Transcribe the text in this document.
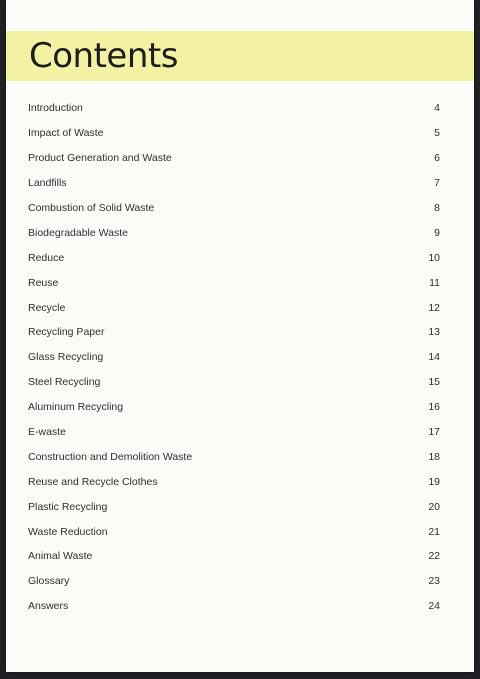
Contents
Introduction	4
Impact of Waste	5
Product Generation and Waste	6
Landfills	7
Combustion of Solid Waste	8
Biodegradable Waste	9
Reduce	10
Reuse	11
Recycle	12
Recycling Paper	13
Glass Recycling	14
Steel Recycling	15
Aluminum Recycling	16
E-waste	17
Construction and Demolition Waste	18
Reuse and Recycle Clothes	19
Plastic Recycling	20
Waste Reduction	21
Animal Waste	22
Glossary	23
Answers	24
